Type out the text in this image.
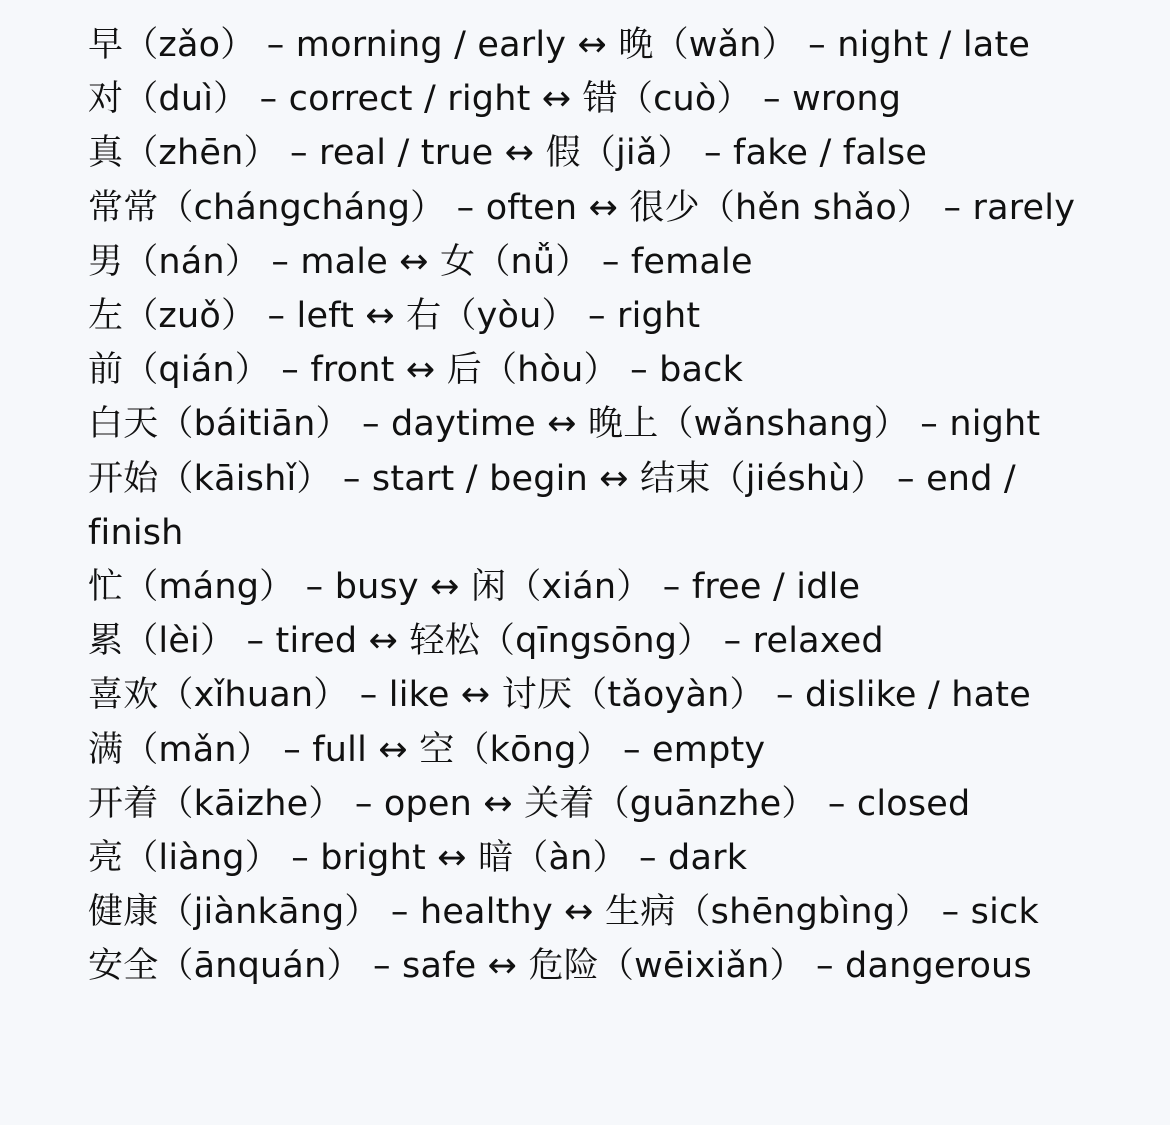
早（zǎo） – morning / early ↔ 晚（wǎn） – night / late
对（duì） – correct / right ↔ 错（cuò） – wrong
真（zhēn） – real / true ↔ 假（jiǎ） – fake / false
常常（chángcháng） – often ↔ 很少（hěn shǎo） – rarely
男（nán） – male ↔ 女（nǚ） – female
左（zuǒ） – left ↔ 右（yòu） – right
前（qián） – front ↔ 后（hòu） – back
白天（báitiān） – daytime ↔ 晚上（wǎnshang） – night
开始（kāishǐ） – start / begin ↔ 结束（jiéshù） – end / finish
忙（máng） – busy ↔ 闲（xián） – free / idle
累（lèi） – tired ↔ 轻松（qīngsōng） – relaxed
喜欢（xǐhuan） – like ↔ 讨厌（tǎoyàn） – dislike / hate
满（mǎn） – full ↔ 空（kōng） – empty
开着（kāizhe） – open ↔ 关着（guānzhe） – closed
亮（liàng） – bright ↔ 暗（àn） – dark
健康（jiànkāng） – healthy ↔ 生病（shēngbìng） – sick
安全（ānquán） – safe ↔ 危险（wēixiǎn） – dangerous
